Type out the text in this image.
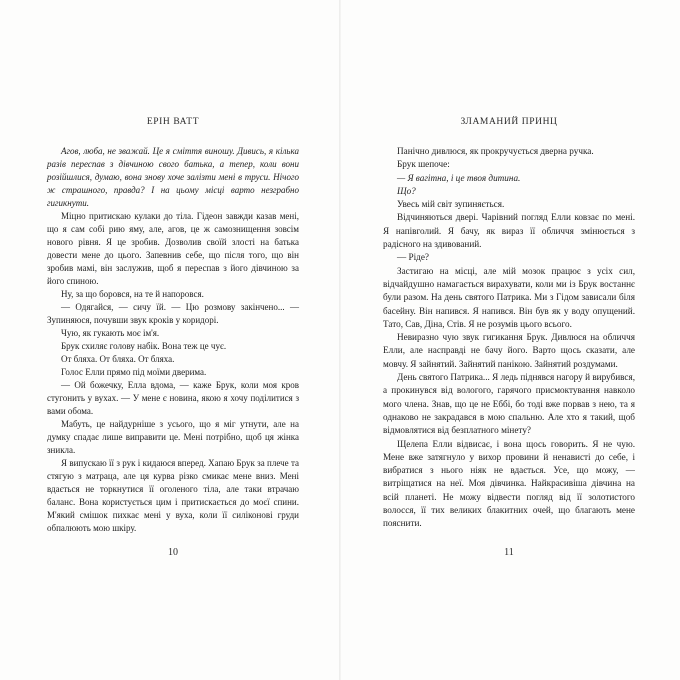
ЕРІН ВАТТ

Агов, люба, не зважай. Це я сміття виношу. Дивись, я кілька разів переспав з дівчиною свого батька, а тепер, коли вони розійшлися, думаю, вона знову хоче залізти мені в труси. Нічого ж страшного, правда? І на цьому місці варто незграбно гигикнути.

Міцно притискаю кулаки до тіла. Гідеон завжди казав мені, що я сам собі рию яму, але, агов, це ж самознищення зовсім нового рівня. Я це зробив. Дозволив своїй злості на батька довести мене до цього. Запевнив себе, що після того, що він зробив мамі, він заслужив, щоб я переспав з його дівчиною за його спиною.

Ну, за що боровся, на те й напоровся.

— Одягайся, — сичу їй. — Цю розмову закінчено... — Зупиняюся, почувши звук кроків у коридорі.

Чую, як гукають моє ім'я.

Брук схиляє голову набік. Вона теж це чує.

От бляха. От бляха. От бляха.

Голос Елли прямо під моїми дверима.

— Ой божечку, Елла вдома, — каже Брук, коли моя кров стугонить у вухах. — У мене є новина, якою я хочу поділитися з вами обома.

Мабуть, це найдурніше з усього, що я міг утнути, але на думку спадає лише виправити це. Мені потрібно, щоб ця жінка зникла.

Я випускаю її з рук і кидаюся вперед. Хапаю Брук за плече та стягую з матраца, але ця курва різко смикає мене вниз. Мені вдається не торкнутися її оголеного тіла, але таки втрачаю баланс. Вона користується цим і притискається до моєї спини. М'який смішок пихкає мені у вуха, коли її силіконові груди обпалюють мою шкіру.

10
ЗЛАМАНИЙ ПРИНЦ

Панічно дивлюся, як прокручується дверна ручка.

Брук шепоче:

— Я вагітна, і це твоя дитина.

Що?

Увесь мій світ зупиняється.

Відчиняються двері. Чарівний погляд Елли ковзає по мені. Я напівголий. Я бачу, як вираз її обличчя змінюється з радісного на здивований.

— Рідe?

Застигаю на місці, але мій мозок працює з усіх сил, відчайдушно намагається вирахувати, коли ми із Брук востаннє були разом. На день святого Патрика. Ми з Гідом зависали біля басейну. Він напився. Я напився. Він був як у воду опущений. Тато, Сав, Діна, Стів. Я не розумів цього всього.

Невиразно чую звук гигикання Брук. Дивлюся на обличчя Елли, але насправді не бачу його. Варто щось сказати, але мовчу. Я зайнятий. Зайнятий панікою. Зайнятий роздумами.

День святого Патрика... Я ледь піднявся нагору й вирубився, а прокинувся від вологого, гарячого присмоктування навколо мого члена. Знав, що це не Еббі, бо тоді вже порвав з нею, та я однаково не закрадався в мою спальню. Але хто я такий, щоб відмовлятися від безплатного мінету?

Щелепа Елли відвисає, і вона щось говорить. Я не чую. Мене вже затягнуло у вихор провини й ненависті до себе, і вибратися з нього ніяк не вдається. Усе, що можу, — витріщатися на неї. Моя дівчинка. Найкрасивіша дівчина на всій планеті. Не можу відвести погляд від її золотистого волосся, її тих великих блакитних очей, що благають мене пояснити.

11
